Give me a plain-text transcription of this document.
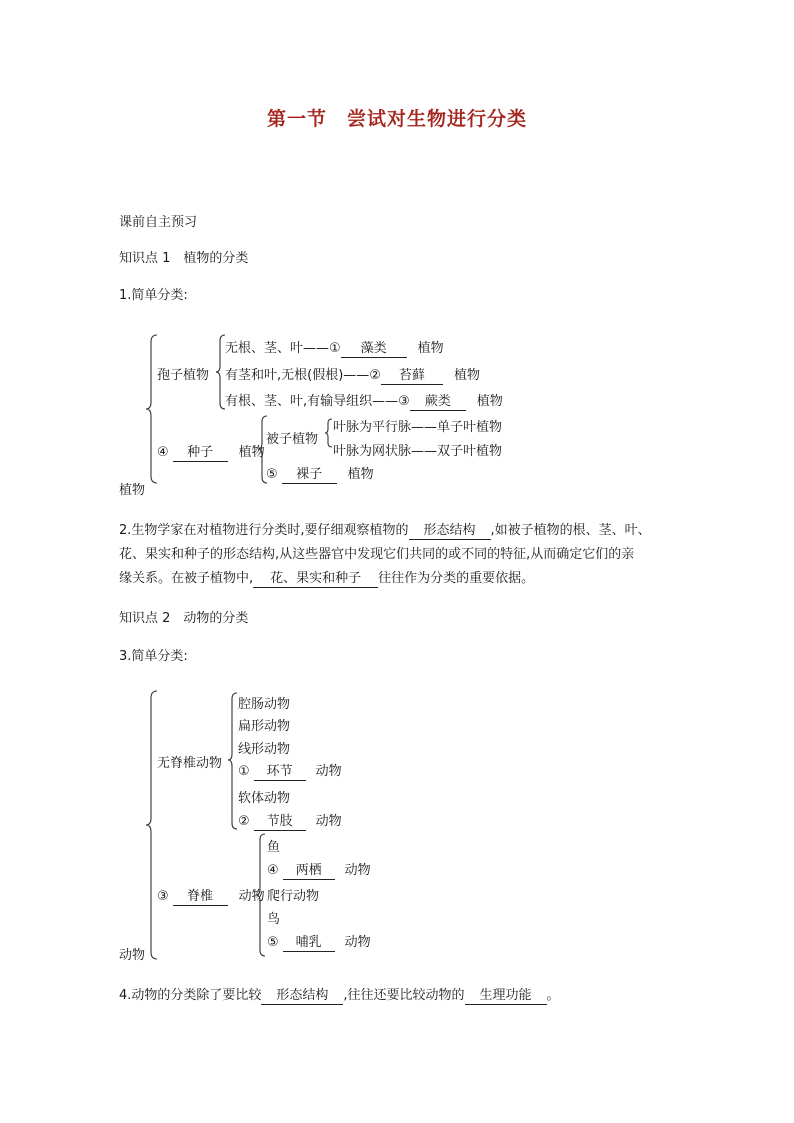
第一节　尝试对生物进行分类
课前自主预习
知识点 1　植物的分类
1.简单分类:
植物
孢子植物
无根、茎、叶——① 藻类 植物
有茎和叶,无根(假根)——② 苔藓 植物
有根、茎、叶,有输导组织——③ 蕨类 植物
④ 种子 植物
被子植物
叶脉为平行脉——单子叶植物
叶脉为网状脉——双子叶植物
⑤ 裸子 植物
2.生物学家在对植物进行分类时,要仔细观察植物的 形态结构 ,如被子植物的根、茎、叶、
花、果实和种子的形态结构,从这些器官中发现它们共同的或不同的特征,从而确定它们的亲
缘关系。在被子植物中, 花、果实和种子 往往作为分类的重要依据。
知识点 2　动物的分类
3.简单分类:
动物
无脊椎动物
腔肠动物
扁形动物
线形动物
① 环节 动物
软体动物
② 节肢 动物
③ 脊椎 动物
鱼
④ 两栖 动物
爬行动物
鸟
⑤ 哺乳 动物
4.动物的分类除了要比较 形态结构 ,往往还要比较动物的 生理功能 。
